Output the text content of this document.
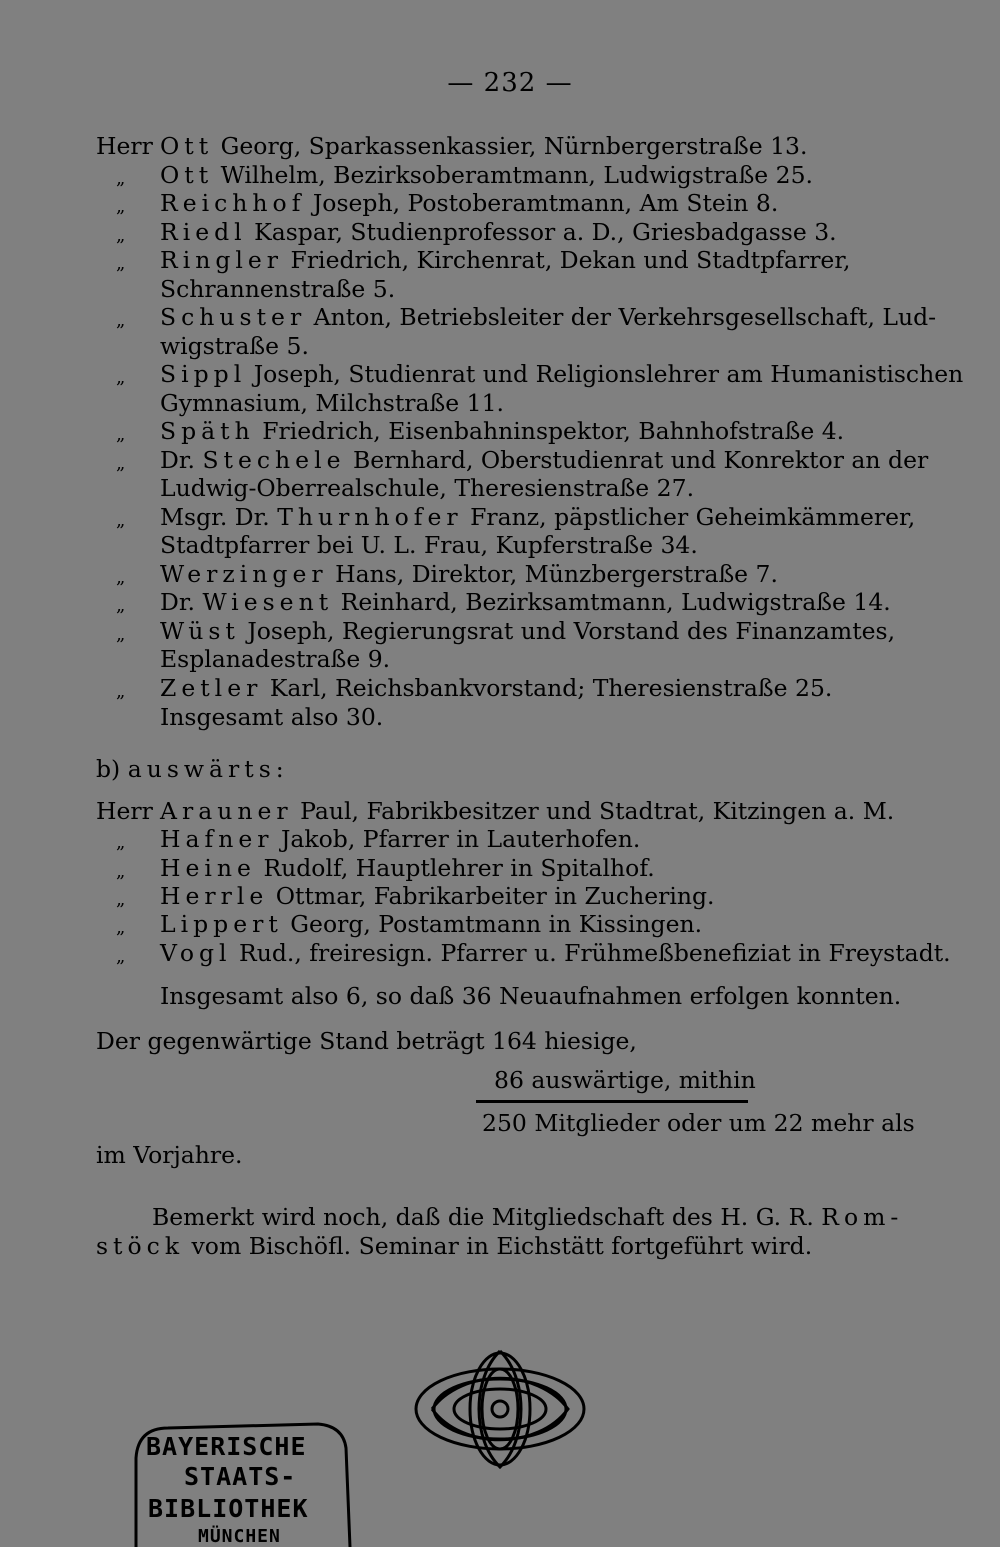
— 232 —
Herr Ott Georg, Sparkassenkassier, Nürnbergerstraße 13.
„ Ott Wilhelm, Bezirksoberamtmann, Ludwigstraße 25.
„ Reichhof Joseph, Postoberamtmann, Am Stein 8.
„ Riedl Kaspar, Studienprofessor a. D., Griesbadgasse 3.
„ Ringler Friedrich, Kirchenrat, Dekan und Stadtpfarrer,
Schrannenstraße 5.
„ Schuster Anton, Betriebsleiter der Verkehrsgesellschaft, Lud-
wigstraße 5.
„ Sippl Joseph, Studienrat und Religionslehrer am Humanistischen
Gymnasium, Milchstraße 11.
„ Späth Friedrich, Eisenbahninspektor, Bahnhofstraße 4.
„ Dr. Stechele Bernhard, Oberstudienrat und Konrektor an der
Ludwig-Oberrealschule, Theresienstraße 27.
„ Msgr. Dr. Thurnhofer Franz, päpstlicher Geheimkämmerer,
Stadtpfarrer bei U. L. Frau, Kupferstraße 34.
„ Werzinger Hans, Direktor, Münzbergerstraße 7.
„ Dr. Wiesent Reinhard, Bezirksamtmann, Ludwigstraße 14.
„ Wüst Joseph, Regierungsrat und Vorstand des Finanzamtes,
Esplanadestraße 9.
„ Zetler Karl, Reichsbankvorstand; Theresienstraße 25.
Insgesamt also 30.
b) auswärts:
Herr Arauner Paul, Fabrikbesitzer und Stadtrat, Kitzingen a. M.
„ Hafner Jakob, Pfarrer in Lauterhofen.
„ Heine Rudolf, Hauptlehrer in Spitalhof.
„ Herrle Ottmar, Fabrikarbeiter in Zuchering.
„ Lippert Georg, Postamtmann in Kissingen.
„ Vogl Rud., freiresign. Pfarrer u. Frühmeßbenefiziat in Freystadt.
Insgesamt also 6, so daß 36 Neuaufnahmen erfolgen konnten.
Der gegenwärtige Stand beträgt 164 hiesige,
86 auswärtige, mithin
250 Mitglieder oder um 22 mehr als
im Vorjahre.
Bemerkt wird noch, daß die Mitgliedschaft des H. G. R. Rom-
stöck vom Bischöfl. Seminar in Eichstätt fortgeführt wird.
BAYERISCHE
STAATS-
BIBLIOTHEK
MÜNCHEN
